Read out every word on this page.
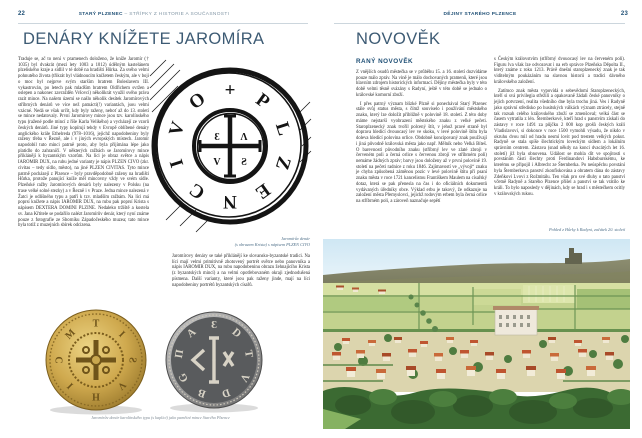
22	STARÝ PLZENEC – STŘÍPKY Z HISTORIE A SOUČASNOSTI
DENÁRY KNÍŽETE JAROMÍRA

Traduje se, ač to není v pramenech doloženo, že kníže Jaromír († 1035) byl dvakrát (mezi lety 1003 a 1012) údělným kastelánem plzeňského kraje a sídlil v té době na hradišti Hůrka. Za svého velmi pohnutého života (třikrát byl vládnoucím knížetem českým, ale v boji o moc byl nejprve svým starším bratrem Boleslavem III. vykastrován, po letech pak mladším bratrem Oldřichem svržen a oslepen a nakonec zavražděn Vršovci) několikrát využil svého práva razit mince. Na našem území se našlo několik desítek Jaromírových stříbrných denárů ve více než patnácti(!) variantách, jsou velmi vzácné. Nedá se však určit, kdy byly raženy, neboť až do 13. století se mince nedatovaly. První Jaromírovy mince jsou tzv. karolínského typu (ražené podle mincí z říše Karla Velikého) a vycházejí ze vzorů českých denárů. Jiné typy kopírují tehdy v Evropě oblíbené denáry anglického krále Ethelreda (978–1016), jejichž napodobeniny byly raženy třeba v Řezně, ale i v jiných evropských místech. Jaromír napodobil tuto minci patrně proto, aby byla přijímána lépe jako platidlo do zahraničí. V některých ražbách se Jaromírovy mince přiklánějí k byzantským vzorům. Na líci je obraz světce a nápis IAROMIR DUX, na rubu jedné varianty je nápis PLZEN CIVO (zkr. civitas – tedy sídlo, město), na jiné PLZEN CIVITAS. Tyto mince patrně pocházejí z Plzence – byly pravděpodobně raženy na hradišti Hůrka, protože panující kníže měl mincovny vždy ve svém sídle. Plzeňské ražby Jaromírových denárů byly nalezeny v Polsku (na trase velké solné stezky) a v Řezně i v Praze. Jedna mince nalezená v Žatci je odlišného typu a patří k tzv. mladším ražbám. Na líci má poprsí knížete a nápis IAROMIR DUX, na rubu pak poprsí Krista s nápisem DEXTERA DOMINI PLZINE. Nedaleko tržiště a kostela sv. Jana Křtitele se podařilo nalézt Jaromírův denár, který nyní známe pouze z fotografie ze Sborníku Západočeského muzea; tato mince byla totiž z muzejních sbírek odcizena.

Ɛ Λ
V Ƨ
+ P
L
Z
E
N
C
I
V
O
Jaromírův denár
(s obrazem Krista) s nápisem PLZEN CIVO

Jaromírovy denáry se také přiklánějí ke slovansko-byzantské tradici. Na líci mají velmi primitivně zhotovený portrét světce nebo panovníka a nápis IAROMIR DUX, na rubu napodobeninu obrazu žehnajícího Krista (z byzantských mincí) a na velmi opotřebovaném okraji zjednodušená písmena. Další varianty, které jsou pak raženy jinde, mají na líci napodobeniny portrétů byzantských císařů.

T
I
Ƨ
V
H
I
Ɔ
M
Ɛ
D
T
V
D
B
G
Π
A
Jaromírův denár karolínského typu (s kaplicí) jako pamětní mince Starého Plzence
DĚJINY STARÉHO PLZENCE	23
NOVOVĚK
RANÝ NOVOVĚK

Z vnějších osudů městečka se v průběhu 15. a 16. století dozvídáme pouze málo zpráv. Na vině je málo dochovaných pramenů, které jsou hlavním zdrojem historických informací. Dějiny městečka byly v této době velmi těsně svázány s Radyní, ještě v této době se jednalo o královské komorní zboží.

I přes patrný význam blízké Plzně si ponechával Starý Plzenec stále svůj status města, s čímž souviselo i používání městského znaku, který lze doložit přibližně v polovině 18. století. Z této doby máme nejstarší vyobrazení městského znaku z velké pečeti. Staroplzenecký znak tvořil polcený štít, v jehož pravé straně byl doprava hledící dvouocasý lev ve skoku, v levé polovině štítu byla doleva hledící polovina orlice. Obdobně koncipovaný znak používají i jiná původně královská města jako např. Mělník nebo Velká Bíteš. O barevnosti původního znaku (stříbrný lev ve zlaté zbroji v červeném poli a černá orlice s červenou zbrojí ve stříbrném poli) nemáme žádných zpráv; barvy jsou doloženy až v první polovině 19. století na pečeti radnice z roku 1846. Zajímavostí ve „vývoji“ znaku je chyba způsobená záměnou pozic v levé polovině štítu při psaní znaku města v roce 1721 kancelistou Františkem Maulem na císařský dotaz, která se pak přenesla na čas i do oficiálních dokumentů vydávaných úředníky obce. Výklad erbu je takový, že odkazuje na založení města Přemyslovci, jejichž rodovým erbem byla černá orlice na stříbrném poli, a zároveň naznačuje sepětí

s Českým královstvím (stříbrný dvouocasý lev na červeném poli). Figuru lva však lze odvozovat i na erb správce Plzeňska Děpolta II., který známe z roku 1213. Právě dnešní staroplzenecký znak je tak viditelným poukázáním na slavnou historii a tradici dávného královského založení.

Zatímco znak města vypovídá o sebevědomí Staroplzeneckých, kteří si svá privilegia střežili a opakovaně žádali české panovníky o jejich potvrzení, realita všedního dne byla trochu jiná. Ves i Radyně jako správní středisko po husitských válkách význam ztrácely, stejně tak rozsah celého královského zboží se zmenšoval; velká část se časem vytratila z lén. Šternberkové, kteří hrad s panstvím získali do zástavy v roce 1491 za půjčku 2 000 kop grošů českých králi Vladislavovi, si dokonce v roce 1500 vymohli výsadu, že nikdo v okruhu dvou mil od hradu nesmí lovit pod trestem velkých pokut. Radyně se stala spíše šlechtickým loveckým sídlem a lokálním správním centrem. Zástava (snad někdy na konci dvacátých let 16. století) již byla obnovena. Událost se mohla dít ve spojitosti s povstáním části šlechty proti Ferdinandovi Habsburskému, ke kterému se připojil i Albrecht ze Šternberka. Po neúspěchu povstání byla Šternberkova panství zkonfiskována a obratem dána do zástavy Zdeňkovi Lvovi z Rožmitálu. Ten však pro své dluhy o tato panství včetně Radyně a Starého Plzence přišel a panství se tak vrátilo ke králi. To bylo naposledy v dějinách, kdy se hrad i s městečkem ocitly v královských rukou.

Pohled z Hůrky k Radyni, začátek 20. století
